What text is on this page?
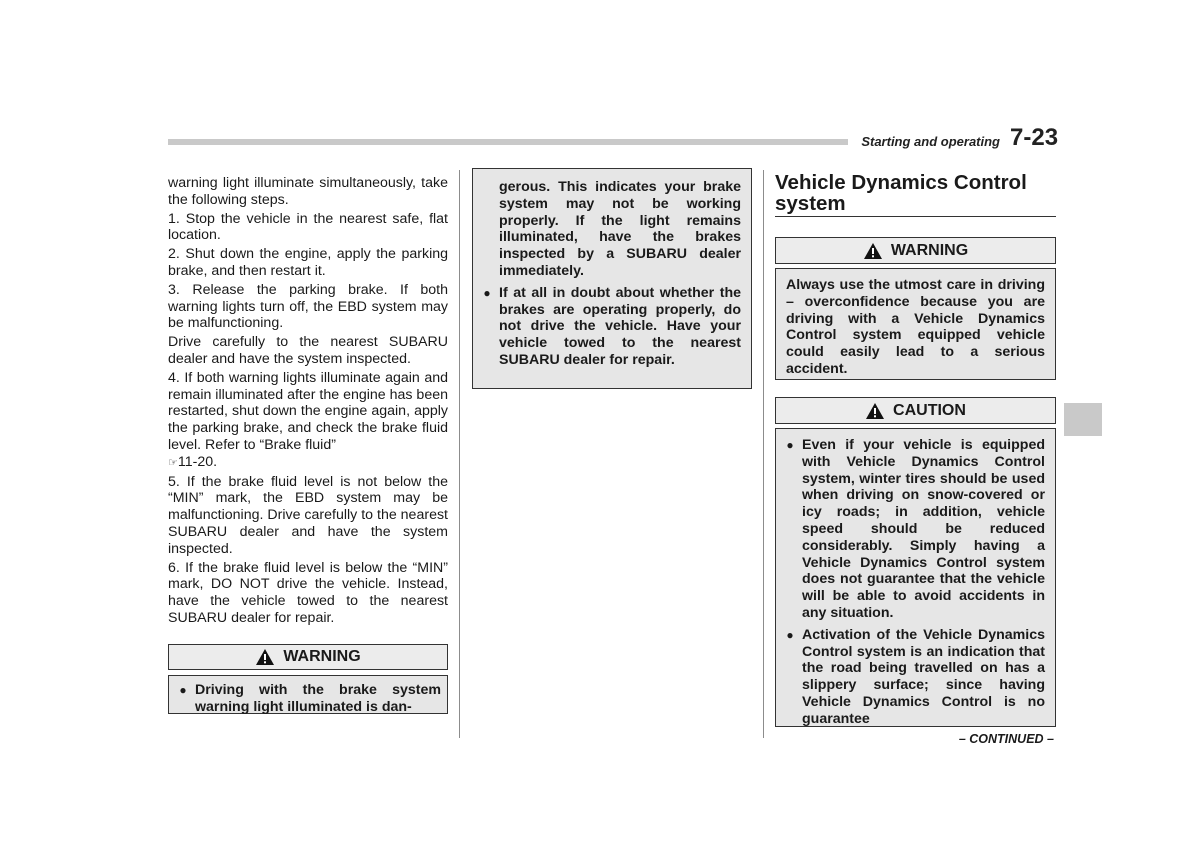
Starting and operating 7-23

warning light illuminate simultaneously, take the following steps.

1. Stop the vehicle in the nearest safe, flat location.

2. Shut down the engine, apply the parking brake, and then restart it.

3. Release the parking brake. If both warning lights turn off, the EBD system may be malfunctioning.

Drive carefully to the nearest SUBARU dealer and have the system inspected.

4. If both warning lights illuminate again and remain illuminated after the engine has been restarted, shut down the engine again, apply the parking brake, and check the brake fluid level. Refer to “Brake fluid”
☞11-20.

5. If the brake fluid level is not below the “MIN” mark, the EBD system may be malfunctioning. Drive carefully to the nearest SUBARU dealer and have the system inspected.

6. If the brake fluid level is below the “MIN” mark, DO NOT drive the vehicle. Instead, have the vehicle towed to the nearest SUBARU dealer for repair.

WARNING
● Driving with the brake system warning light illuminated is dan-
gerous. This indicates your brake system may not be working properly. If the light remains illuminated, have the brakes inspected by a SUBARU dealer immediately.
● If at all in doubt about whether the brakes are operating properly, do not drive the vehicle. Have your vehicle towed to the nearest SUBARU dealer for repair.
Vehicle Dynamics Control system
WARNING

Always use the utmost care in driving – overconfidence because you are driving with a Vehicle Dynamics Control system equipped vehicle could easily lead to a serious accident.

CAUTION
● Even if your vehicle is equipped with Vehicle Dynamics Control system, winter tires should be used when driving on snow-covered or icy roads; in addition, vehicle speed should be reduced considerably. Simply having a Vehicle Dynamics Control system does not guarantee that the vehicle will be able to avoid accidents in any situation.
● Activation of the Vehicle Dynamics Control system is an indication that the road being travelled on has a slippery surface; since having Vehicle Dynamics Control is no guarantee
– CONTINUED –
